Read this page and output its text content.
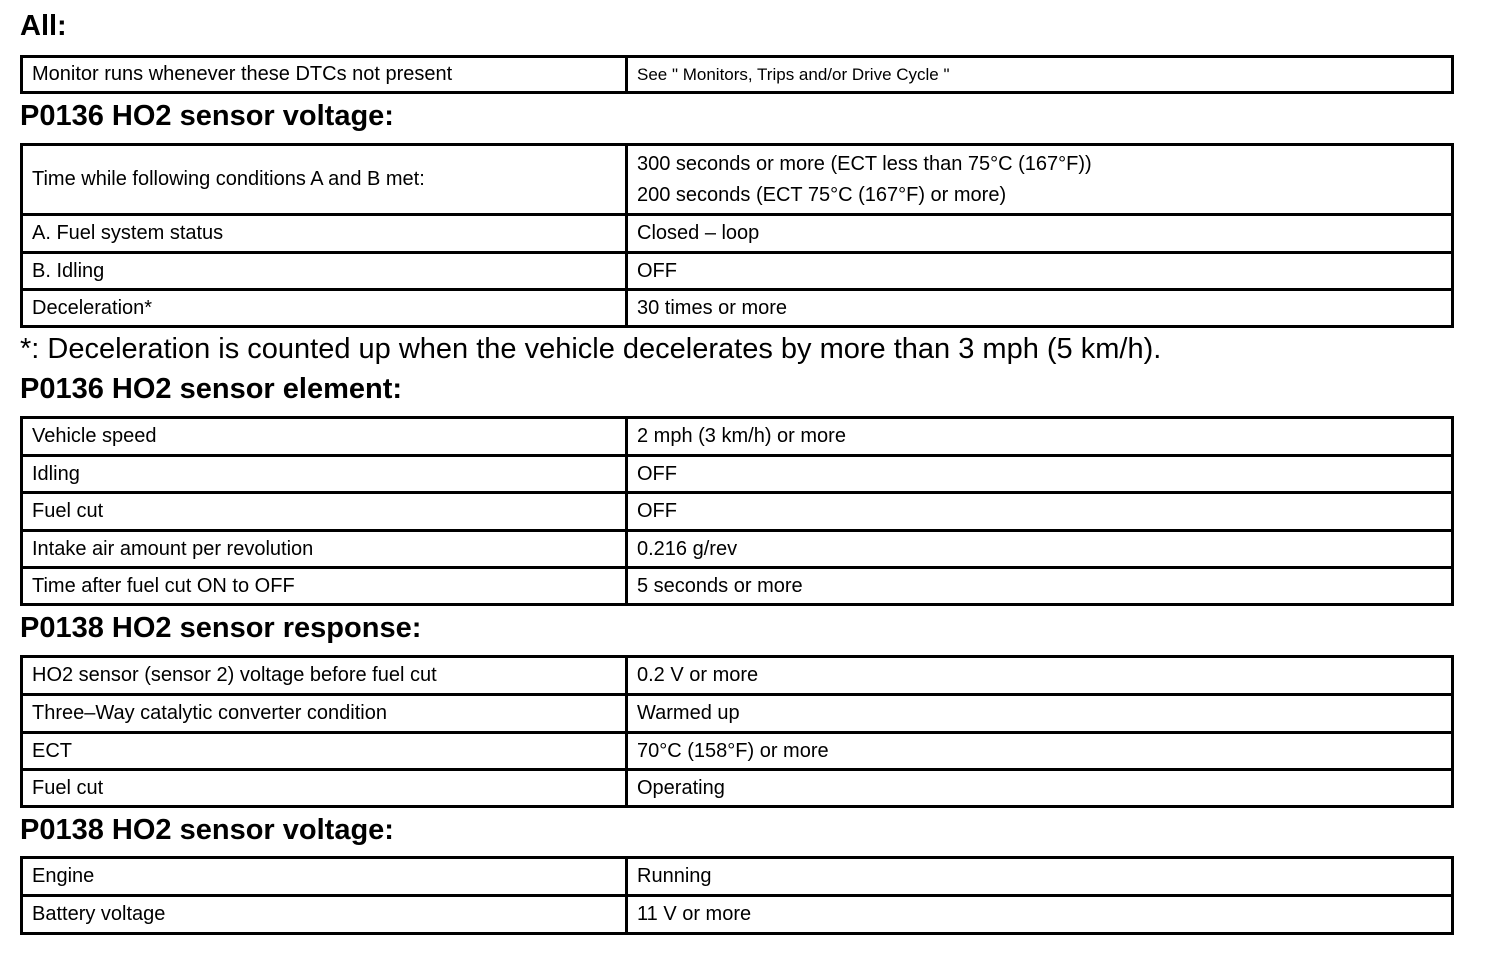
All:
Monitor runs whenever these DTCs not present	See " Monitors, Trips and/or Drive Cycle "
P0136 HO2 sensor voltage:
Time while following conditions A and B met:	300 seconds or more (ECT less than 75°C (167°F))
200 seconds (ECT 75°C (167°F) or more)

A. Fuel system status	Closed – loop
B. Idling	OFF
Deceleration*	30 times or more

*: Deceleration is counted up when the vehicle decelerates by more than 3 mph (5 km/h).

P0136 HO2 sensor element:
Vehicle speed	2 mph (3 km/h) or more
Idling	OFF
Fuel cut	OFF
Intake air amount per revolution	0.216 g/rev
Time after fuel cut ON to OFF	5 seconds or more
P0138 HO2 sensor response:
HO2 sensor (sensor 2) voltage before fuel cut	0.2 V or more
Three–Way catalytic converter condition	Warmed up
ECT	70°C (158°F) or more
Fuel cut	Operating
P0138 HO2 sensor voltage:
Engine	Running
Battery voltage	11 V or more
